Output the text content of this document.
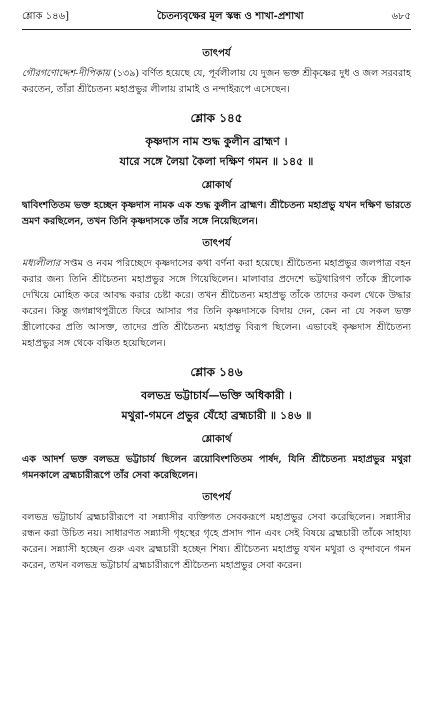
শ্লোক ১৪৬]	চৈতন্যবৃক্ষের মূল স্কন্ধ ও শাখা-প্রশাখা	৬৮৫
তাৎপর্য
গৌরগণোদ্দেশ-দীপিকায় (১৩৯) বর্ণিত হয়েছে যে, পূর্বলীলায় যে দুজন ভক্ত শ্রীকৃষ্ণের দুধ ও জল সরবরাহ করতেন, তাঁরা শ্রীচৈতন্য মহাপ্রভুর লীলায় রামাই ও নন্দাইরূপে এসেছেন।
শ্লোক ১৪৫
কৃষ্ণদাস নাম শুদ্ধ কুলীন ব্রাহ্মণ ।
যারে সঙ্গে লৈয়া কৈলা দক্ষিণ গমন ॥ ১৪৫ ॥
শ্লোকার্থ
দ্বাবিংশতিতম ভক্ত হচ্ছেন কৃষ্ণদাস নামক এক শুদ্ধ কুলীন ব্রাহ্মণ। শ্রীচৈতন্য মহাপ্রভু যখন দক্ষিণ ভারতে ভ্রমণ করছিলেন, তখন তিনি কৃষ্ণদাসকে তাঁর সঙ্গে নিয়েছিলেন।
তাৎপর্য
মধ্যলীলার সপ্তম ও নবম পরিচ্ছেদে কৃষ্ণদাসের কথা বর্ণনা করা হয়েছে। শ্রীচৈতন্য মহাপ্রভুর জলপাত্র বহন করার জন্য তিনি শ্রীচৈতন্য মহাপ্রভুর সঙ্গে গিয়েছিলেন। মালাবার প্রদেশে ভট্টথারিগণ তাঁকে স্ত্রীলোক দেখিয়ে মোহিত করে আবদ্ধ করার চেষ্টা করে। তখন শ্রীচৈতন্য মহাপ্রভু তাঁকে তাদের কবল থেকে উদ্ধার করেন। কিন্তু জগন্নাথপুরীতে ফিরে আসার পর তিনি কৃষ্ণদাসকে বিদায় দেন, কেন না যে সকল ভক্ত স্ত্রীলোকের প্রতি আসক্ত, তাদের প্রতি শ্রীচৈতন্য মহাপ্রভু বিরূপ ছিলেন। এভাবেই কৃষ্ণদাস শ্রীচৈতন্য মহাপ্রভুর সঙ্গ থেকে বঞ্চিত হয়েছিলেন।
শ্লোক ১৪৬
বলভদ্র ভট্টাচার্য—ভক্তি অধিকারী ।
মথুরা-গমনে প্রভুর যেঁহো ব্রহ্মচারী ॥ ১৪৬ ॥
শ্লোকার্থ
এক আদর্শ ভক্ত বলভদ্র ভট্টাচার্য ছিলেন ত্রয়োবিংশতিতম পার্ষদ, যিনি শ্রীচৈতন্য মহাপ্রভুর মথুরা গমনকালে ব্রহ্মচারীরূপে তাঁর সেবা করেছিলেন।
তাৎপর্য
বলভদ্র ভট্টাচার্য ব্রহ্মচারীরূপে বা সন্ন্যাসীর ব্যক্তিগত সেবকরূপে মহাপ্রভুর সেবা করেছিলেন। সন্ন্যাসীর রন্ধন করা উচিত নয়। সাধারণত সন্ন্যাসী গৃহস্থের গৃহে প্রসাদ পান এবং সেই বিষয়ে ব্রহ্মচারী তাঁকে সাহায্য করেন। সন্ন্যাসী হচ্ছেন গুরু এবং ব্রহ্মচারী হচ্ছেন শিষ্য। শ্রীচৈতন্য মহাপ্রভু যখন মথুরা ও বৃন্দাবনে গমন করেন, তখন বলভদ্র ভট্টাচার্য ব্রহ্মচারীরূপে শ্রীচৈতন্য মহাপ্রভুর সেবা করেন।
